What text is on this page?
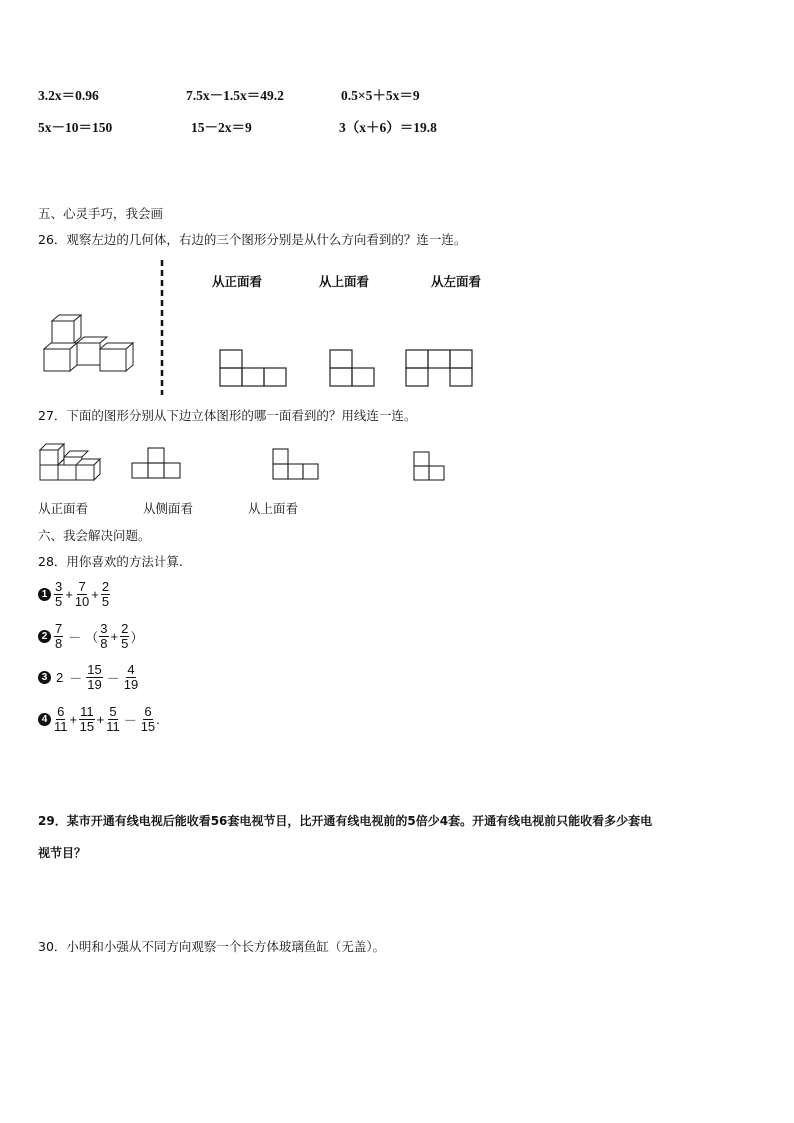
3.2x＝0.96	7.5x－1.5x＝49.2	0.5×5＋5x＝9
5x－10＝150	15－2x＝9	3（x＋6）＝19.8
五、心灵手巧，我会画
26．观察左边的几何体，右边的三个图形分别是从什么方向看到的？连一连。
从正面看	从上面看	从左面看
27．下面的图形分别从下边立体图形的哪一面看到的？用线连一连。
从正面看	从侧面看	从上面看
六、我会解决问题。
28．用你喜欢的方法计算.
$1 \frac{3}{5} + \frac{7}{10} + \frac{2}{5}$
$2 \frac{7}{8}$ － （ $\frac{3}{8} + \frac{2}{5}$ ）
3 $2 - \frac{15}{19} - \frac{4}{19}$
$4 \frac{6}{11} + \frac{11}{15} + \frac{5}{11} - \frac{6}{15}$ .
29．某市开通有线电视后能收看56套电视节目，比开通有线电视前的5倍少4套。开通有线电视前只能收看多少套电
视节目？
30．小明和小强从不同方向观察一个长方体玻璃鱼缸（无盖）。
